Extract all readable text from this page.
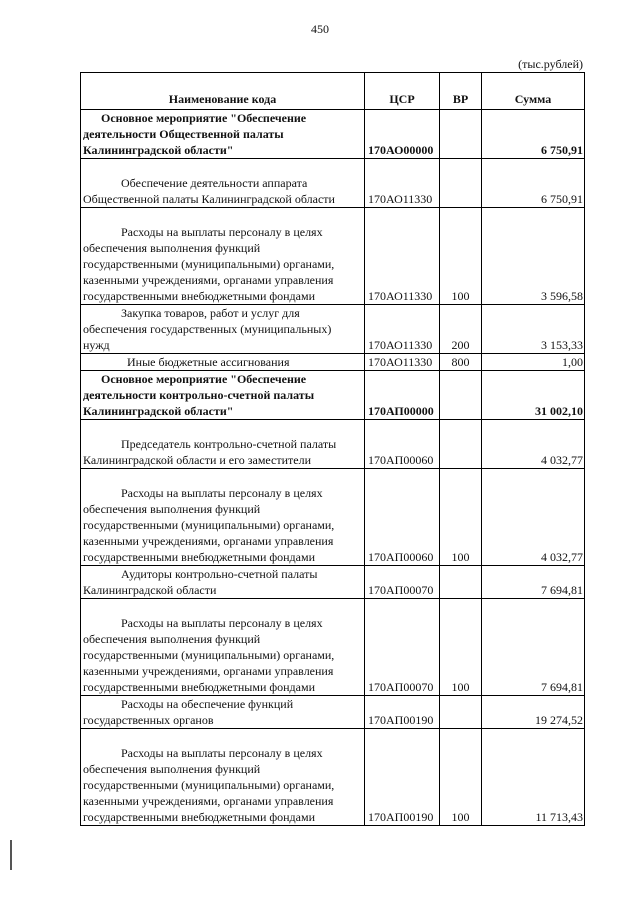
450
(тыс.рублей)
Наименование кода	ЦСР	ВР	Сумма

Основное мероприятие "Обеспечение
деятельности Общественной палаты
Калининградской области"	170АО00000		6 750,91

Обеспечение деятельности аппарата
Общественной палаты Калининградской области	170АО11330		6 750,91

Расходы на выплаты персоналу в целях
обеспечения выполнения функций
государственными (муниципальными) органами,
казенными учреждениями, органами управления
государственными внебюджетными фондами	170АО11330	100	3 596,58

Закупка товаров, работ и услуг для
обеспечения государственных (муниципальных)
нужд	170АО11330	200	3 153,33

Иные бюджетные ассигнования	170АО11330	800	1,00

Основное мероприятие "Обеспечение
деятельности контрольно-счетной палаты
Калининградской области"	170АП00000		31 002,10

Председатель контрольно-счетной палаты
Калининградской области и его заместители	170АП00060		4 032,77

Расходы на выплаты персоналу в целях
обеспечения выполнения функций
государственными (муниципальными) органами,
казенными учреждениями, органами управления
государственными внебюджетными фондами	170АП00060	100	4 032,77

Аудиторы контрольно-счетной палаты
Калининградской области	170АП00070		7 694,81

Расходы на выплаты персоналу в целях
обеспечения выполнения функций
государственными (муниципальными) органами,
казенными учреждениями, органами управления
государственными внебюджетными фондами	170АП00070	100	7 694,81

Расходы на обеспечение функций
государственных органов	170АП00190		19 274,52

Расходы на выплаты персоналу в целях
обеспечения выполнения функций
государственными (муниципальными) органами,
казенными учреждениями, органами управления
государственными внебюджетными фондами	170АП00190	100	11 713,43
